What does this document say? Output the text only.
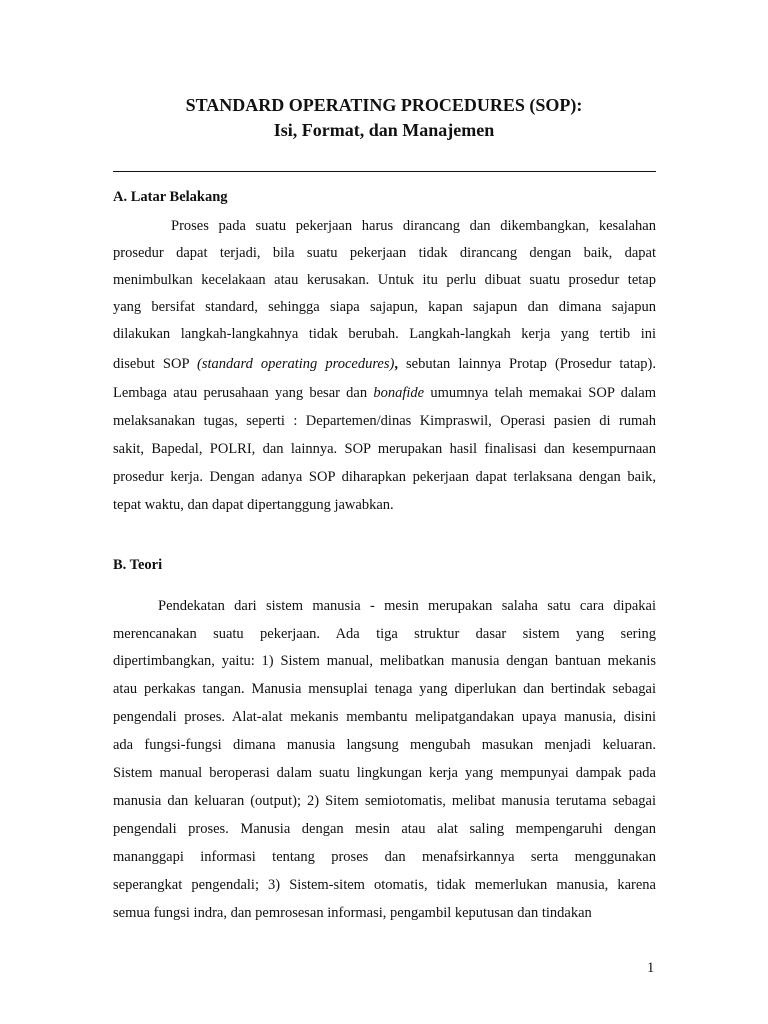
STANDARD OPERATING PROCEDURES (SOP):
Isi, Format, dan Manajemen
A. Latar Belakang
Proses pada suatu pekerjaan harus dirancang dan dikembangkan, kesalahan
prosedur dapat terjadi, bila suatu pekerjaan tidak dirancang dengan baik, dapat
menimbulkan kecelakaan atau kerusakan. Untuk itu perlu dibuat suatu prosedur tetap
yang bersifat standard, sehingga siapa sajapun, kapan sajapun dan dimana sajapun
dilakukan langkah-langkahnya tidak berubah. Langkah-langkah kerja yang tertib ini
disebut SOP (standard operating procedures), sebutan lainnya Protap (Prosedur tatap).
Lembaga atau perusahaan yang besar dan bonafide umumnya telah memakai SOP dalam
melaksanakan tugas, seperti : Departemen/dinas Kimpraswil, Operasi pasien di rumah
sakit, Bapedal, POLRI, dan lainnya. SOP merupakan hasil finalisasi dan kesempurnaan
prosedur kerja. Dengan adanya SOP diharapkan pekerjaan dapat terlaksana dengan baik,
tepat waktu, dan dapat dipertanggung jawabkan.
B. Teori
Pendekatan dari sistem manusia - mesin merupakan salaha satu cara dipakai
merencanakan suatu pekerjaan. Ada tiga struktur dasar sistem yang sering
dipertimbangkan, yaitu: 1) Sistem manual, melibatkan manusia dengan bantuan mekanis
atau perkakas tangan. Manusia mensuplai tenaga yang diperlukan dan bertindak sebagai
pengendali proses. Alat-alat mekanis membantu melipatgandakan upaya manusia, disini
ada fungsi-fungsi dimana manusia langsung mengubah masukan menjadi keluaran.
Sistem manual beroperasi dalam suatu lingkungan kerja yang mempunyai dampak pada
manusia dan keluaran (output); 2) Sitem semiotomatis, melibat manusia terutama sebagai
pengendali proses. Manusia dengan mesin atau alat saling mempengaruhi dengan
mananggapi informasi tentang proses dan menafsirkannya serta menggunakan
seperangkat pengendali; 3) Sistem-sitem otomatis, tidak memerlukan manusia, karena
semua fungsi indra, dan pemrosesan informasi, pengambil keputusan dan tindakan
1
